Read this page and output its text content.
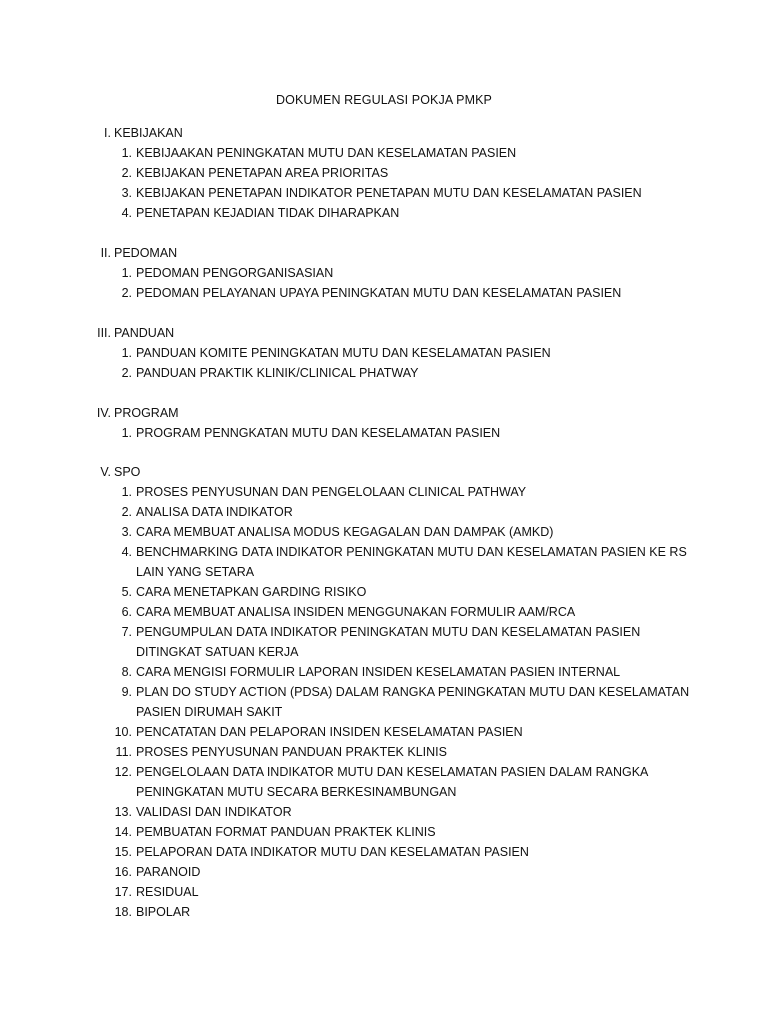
DOKUMEN REGULASI POKJA PMKP
I. KEBIJAKAN
1. KEBIJAAKAN PENINGKATAN MUTU DAN KESELAMATAN PASIEN
2. KEBIJAKAN PENETAPAN AREA PRIORITAS
3. KEBIJAKAN PENETAPAN INDIKATOR PENETAPAN MUTU DAN KESELAMATAN PASIEN
4. PENETAPAN KEJADIAN TIDAK DIHARAPKAN
II. PEDOMAN
1. PEDOMAN PENGORGANISASIAN
2. PEDOMAN PELAYANAN UPAYA PENINGKATAN MUTU DAN KESELAMATAN PASIEN
III. PANDUAN
1. PANDUAN KOMITE PENINGKATAN MUTU DAN KESELAMATAN PASIEN
2. PANDUAN PRAKTIK KLINIK/CLINICAL PHATWAY
IV. PROGRAM
1. PROGRAM PENNGKATAN MUTU DAN KESELAMATAN PASIEN
V. SPO
1. PROSES PENYUSUNAN DAN PENGELOLAAN CLINICAL PATHWAY
2. ANALISA DATA INDIKATOR
3. CARA MEMBUAT ANALISA MODUS KEGAGALAN DAN DAMPAK (AMKD)
4. BENCHMARKING DATA INDIKATOR PENINGKATAN MUTU DAN KESELAMATAN PASIEN KE RS LAIN YANG SETARA
5. CARA MENETAPKAN GARDING RISIKO
6. CARA MEMBUAT ANALISA INSIDEN MENGGUNAKAN FORMULIR AAM/RCA
7. PENGUMPULAN DATA INDIKATOR PENINGKATAN MUTU DAN KESELAMATAN PASIEN DITINGKAT SATUAN KERJA
8. CARA MENGISI FORMULIR LAPORAN INSIDEN KESELAMATAN PASIEN INTERNAL
9. PLAN DO STUDY ACTION (PDSA) DALAM RANGKA PENINGKATAN MUTU DAN KESELAMATAN PASIEN DIRUMAH SAKIT
10. PENCATATAN DAN PELAPORAN INSIDEN KESELAMATAN PASIEN
11. PROSES PENYUSUNAN PANDUAN PRAKTEK KLINIS
12. PENGELOLAAN DATA INDIKATOR MUTU DAN KESELAMATAN PASIEN DALAM RANGKA PENINGKATAN MUTU SECARA BERKESINAMBUNGAN
13. VALIDASI DAN INDIKATOR
14. PEMBUATAN FORMAT PANDUAN PRAKTEK KLINIS
15. PELAPORAN DATA INDIKATOR MUTU DAN KESELAMATAN PASIEN
16. PARANOID
17. RESIDUAL
18. BIPOLAR
